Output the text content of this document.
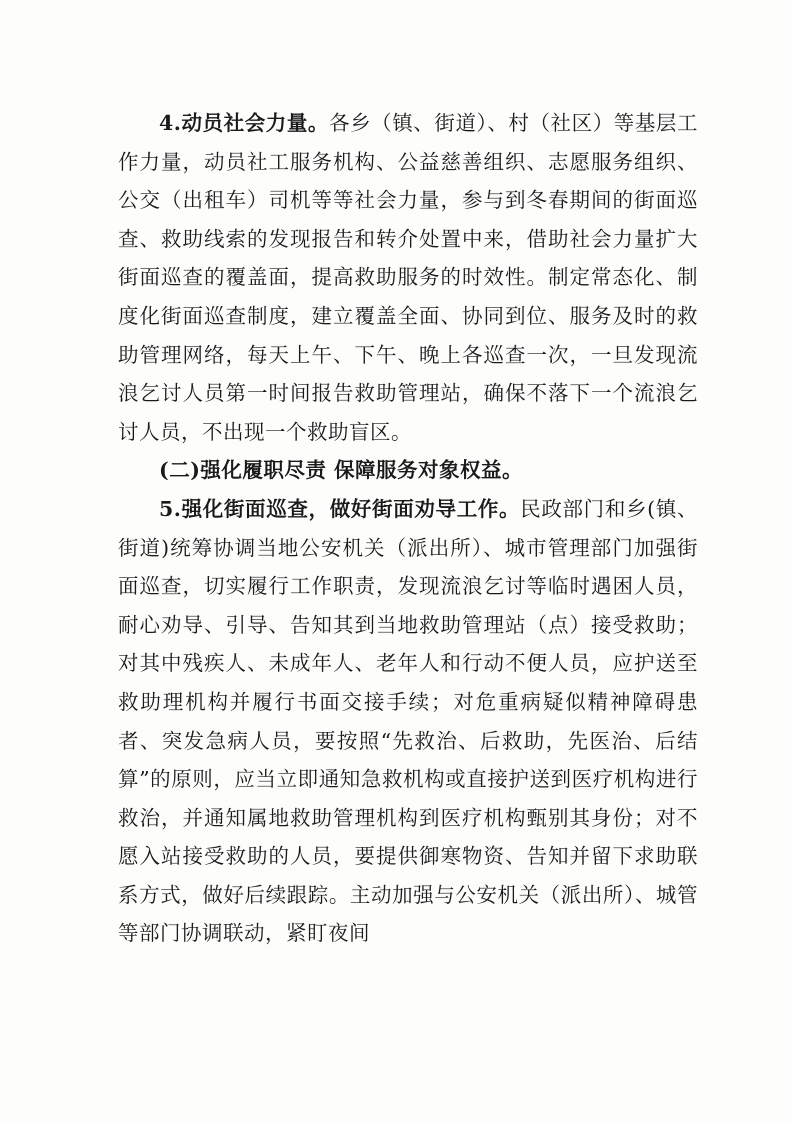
4.动员社会力量。各乡（镇、街道）、村（社区）等基层工作力量，动员社工服务机构、公益慈善组织、志愿服务组织、公交（出租车）司机等等社会力量，参与到冬春期间的街面巡查、救助线索的发现报告和转介处置中来，借助社会力量扩大街面巡查的覆盖面，提高救助服务的时效性。制定常态化、制度化街面巡查制度，建立覆盖全面、协同到位、服务及时的救助管理网络，每天上午、下午、晚上各巡查一次，一旦发现流浪乞讨人员第一时间报告救助管理站，确保不落下一个流浪乞讨人员，不出现一个救助盲区。

(二)强化履职尽责 保障服务对象权益。

5.强化街面巡查，做好街面劝导工作。民政部门和乡(镇、街道)统筹协调当地公安机关（派出所）、城市管理部门加强街面巡查，切实履行工作职责，发现流浪乞讨等临时遇困人员，耐心劝导、引导、告知其到当地救助管理站（点）接受救助；对其中残疾人、未成年人、老年人和行动不便人员，应护送至救助理机构并履行书面交接手续；对危重病疑似精神障碍患者、突发急病人员，要按照“先救治、后救助，先医治、后结算”的原则，应当立即通知急救机构或直接护送到医疗机构进行救治，并通知属地救助管理机构到医疗机构甄别其身份；对不愿入站接受救助的人员，要提供御寒物资、告知并留下求助联系方式，做好后续跟踪。主动加强与公安机关（派出所）、城管等部门协调联动，紧盯夜间
